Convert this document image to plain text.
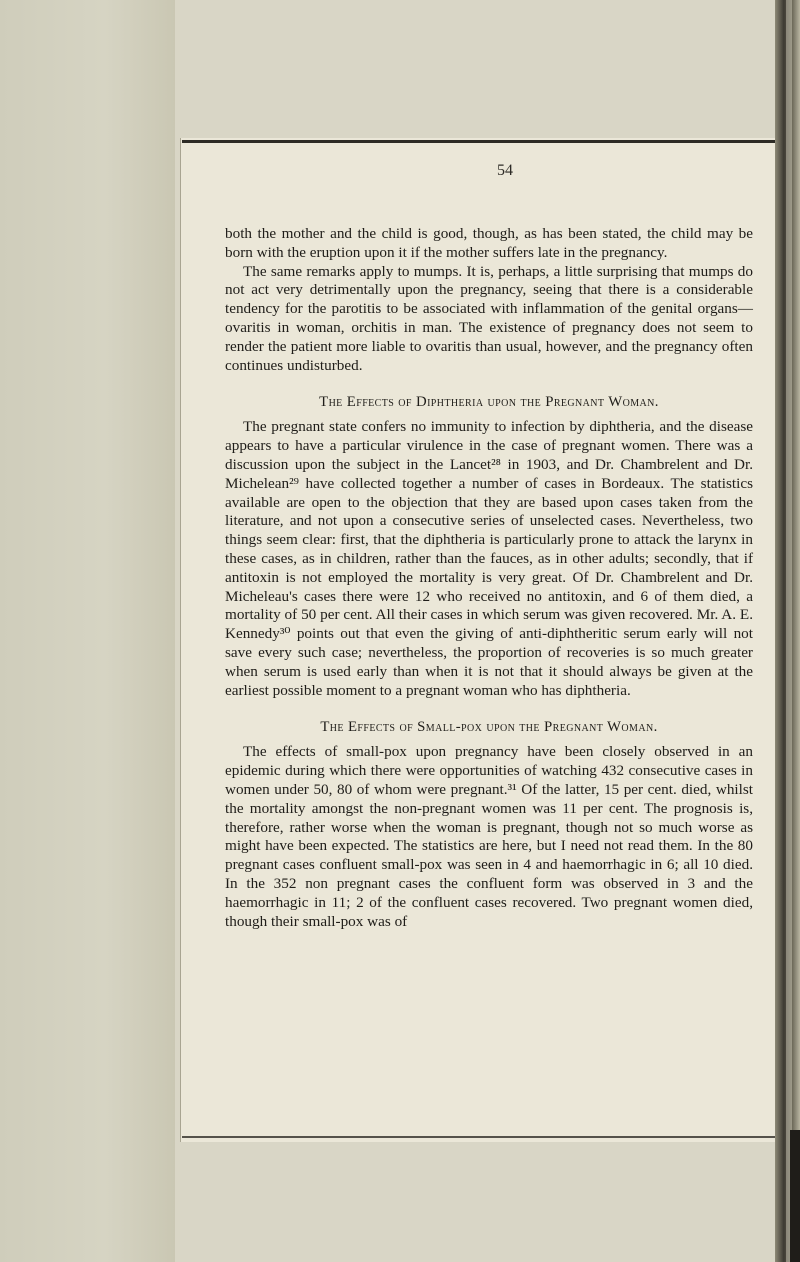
54

both the mother and the child is good, though, as has been stated, the child may be born with the eruption upon it if the mother suffers late in the pregnancy.

The same remarks apply to mumps. It is, perhaps, a little surprising that mumps do not act very detrimentally upon the pregnancy, seeing that there is a considerable tendency for the parotitis to be associated with inflammation of the genital organs—ovaritis in woman, orchitis in man. The existence of pregnancy does not seem to render the patient more liable to ovaritis than usual, however, and the pregnancy often continues undisturbed.

The Effects of Diphtheria upon the Pregnant Woman.

The pregnant state confers no immunity to infection by diphtheria, and the disease appears to have a particular virulence in the case of pregnant women. There was a discussion upon the subject in the Lancet²⁸ in 1903, and Dr. Chambrelent and Dr. Michelean²⁹ have collected together a number of cases in Bordeaux. The statistics available are open to the objection that they are based upon cases taken from the literature, and not upon a consecutive series of unselected cases. Nevertheless, two things seem clear: first, that the diphtheria is particularly prone to attack the larynx in these cases, as in children, rather than the fauces, as in other adults; secondly, that if antitoxin is not employed the mortality is very great. Of Dr. Chambrelent and Dr. Micheleau's cases there were 12 who received no antitoxin, and 6 of them died, a mortality of 50 per cent. All their cases in which serum was given recovered. Mr. A. E. Kennedy³⁰ points out that even the giving of anti-diphtheritic serum early will not save every such case; nevertheless, the proportion of recoveries is so much greater when serum is used early than when it is not that it should always be given at the earliest possible moment to a pregnant woman who has diphtheria.

The Effects of Small-pox upon the Pregnant Woman.

The effects of small-pox upon pregnancy have been closely observed in an epidemic during which there were opportunities of watching 432 consecutive cases in women under 50, 80 of whom were pregnant.³¹ Of the latter, 15 per cent. died, whilst the mortality amongst the non-pregnant women was 11 per cent. The prognosis is, therefore, rather worse when the woman is pregnant, though not so much worse as might have been expected. The statistics are here, but I need not read them. In the 80 pregnant cases confluent small-pox was seen in 4 and haemorrhagic in 6; all 10 died. In the 352 non pregnant cases the confluent form was observed in 3 and the haemorrhagic in 11; 2 of the confluent cases recovered. Two pregnant women died, though their small-pox was of
